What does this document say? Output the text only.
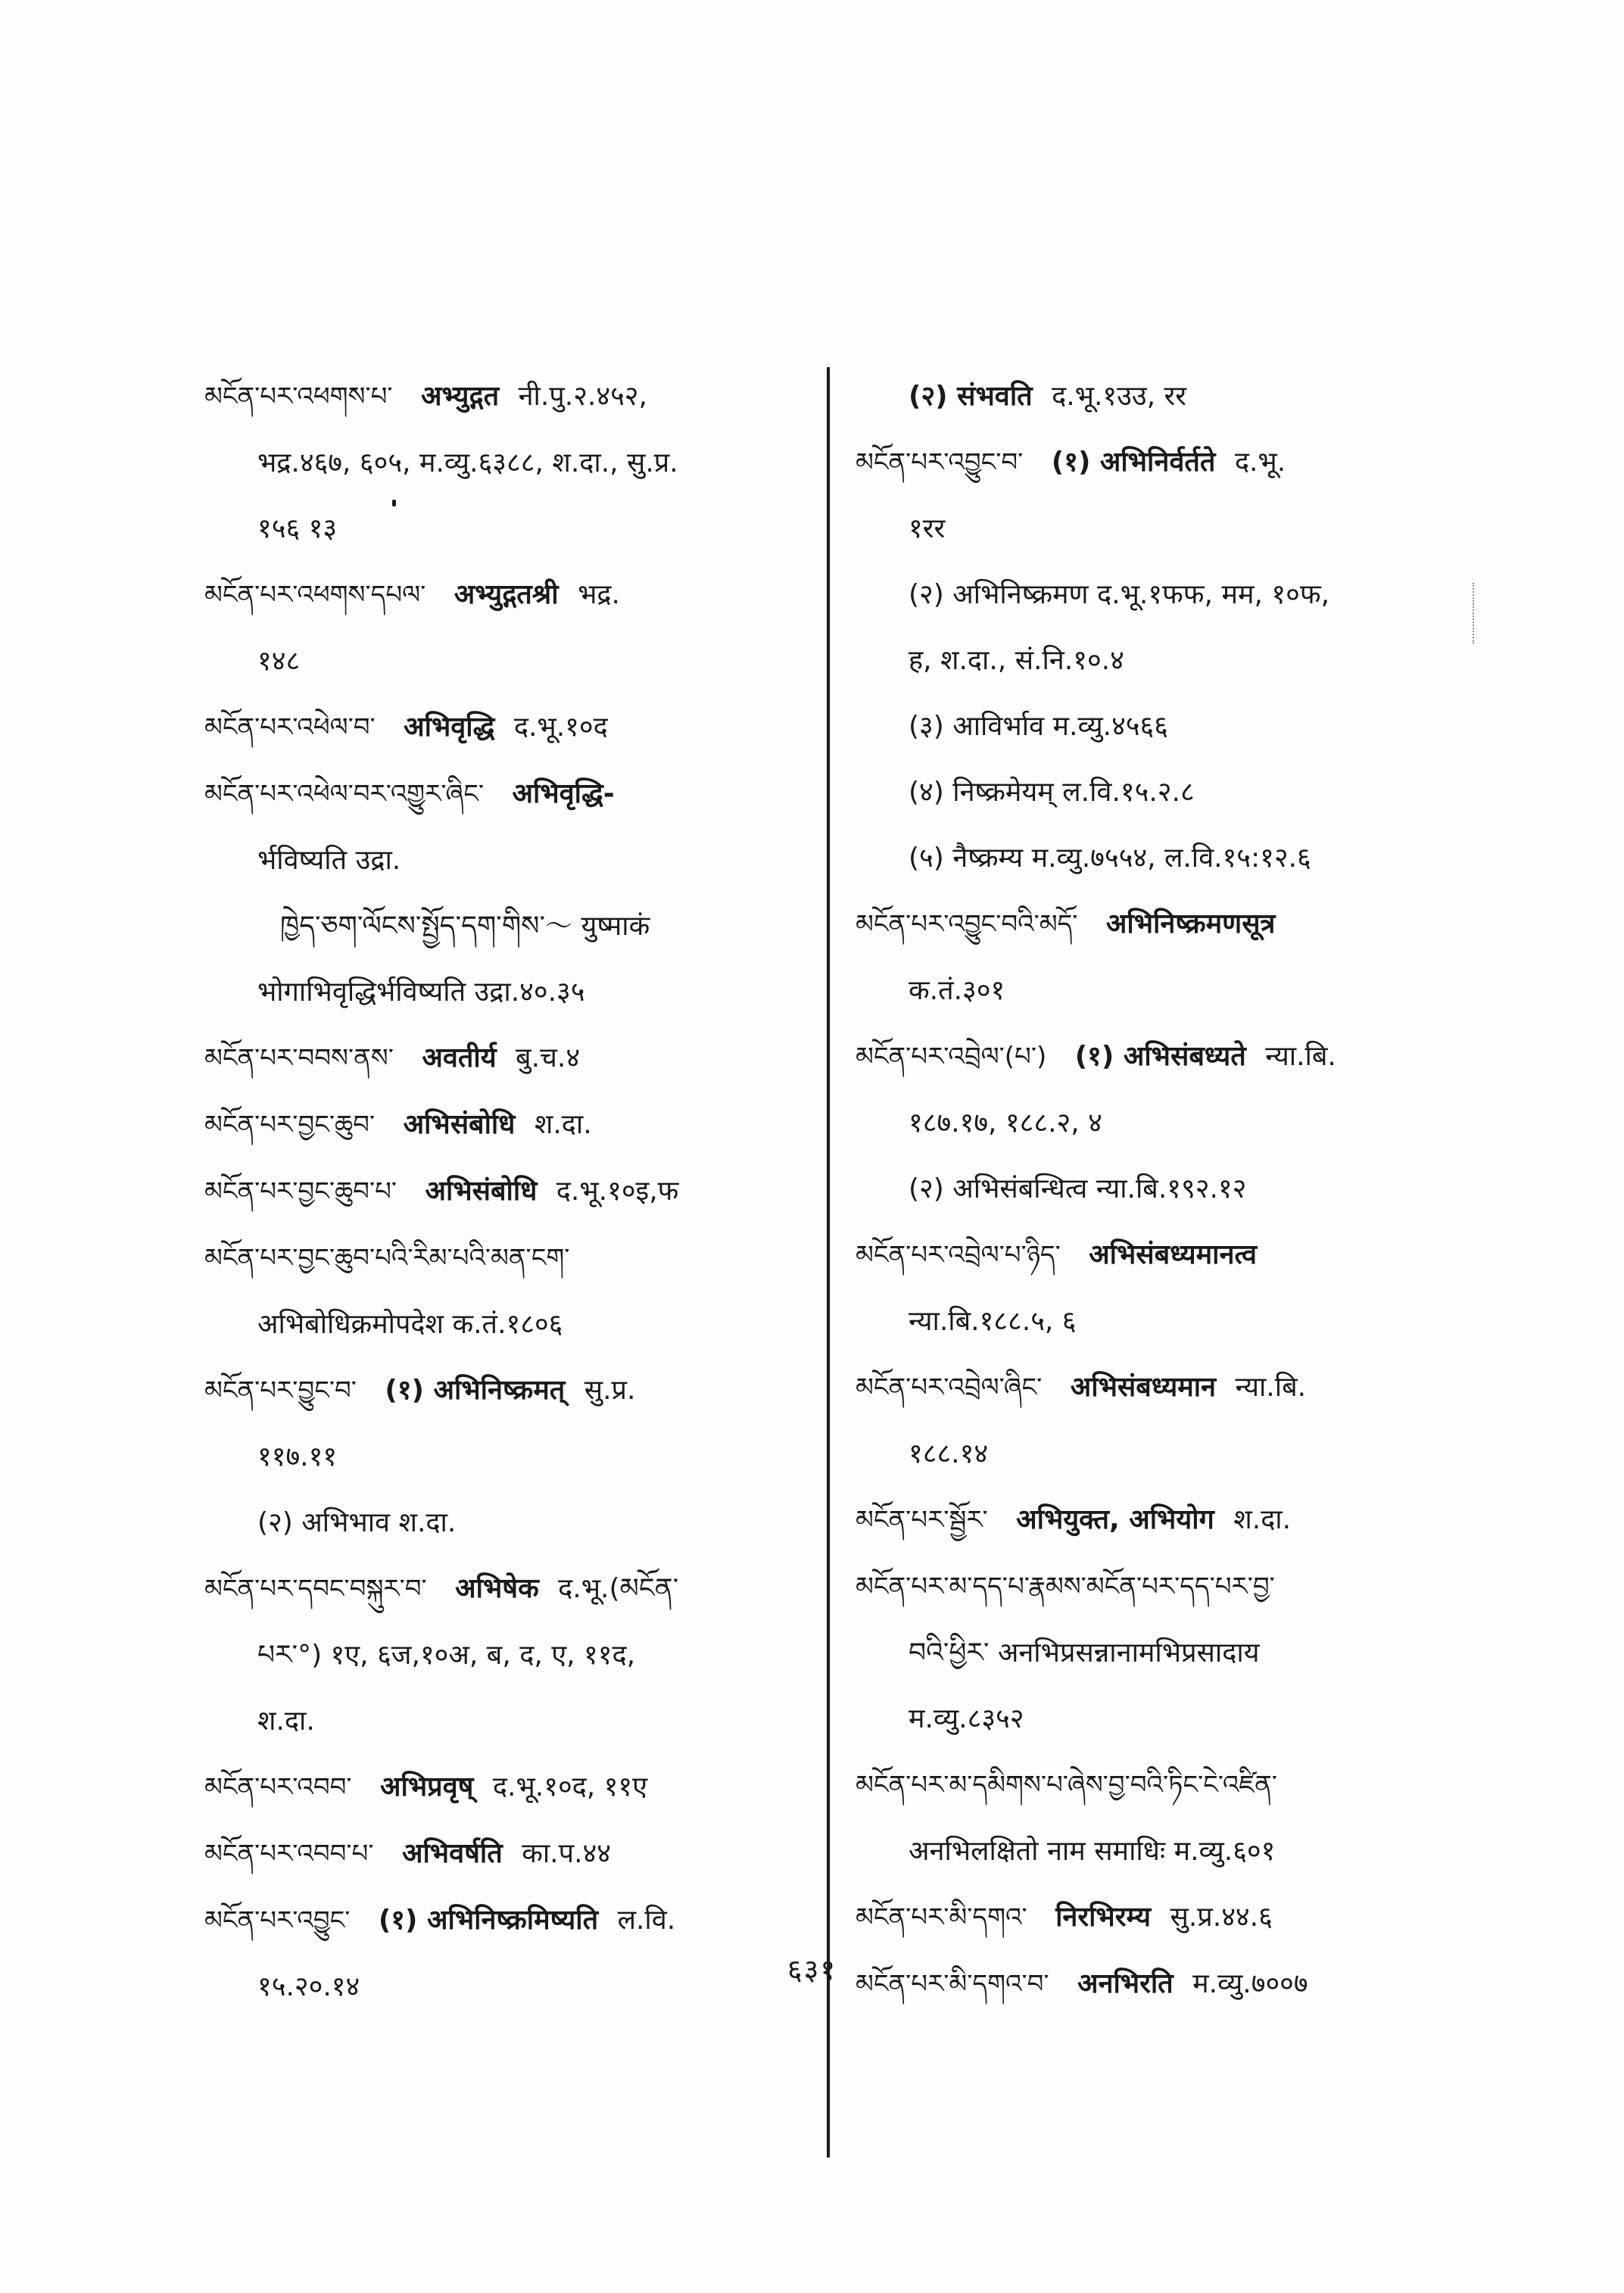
མངོན་པར་འཕགས་པ་ अभ्युद्गत नी.पु.२.४५२,
भद्र.४६७, ६०५, म.व्यु.६३८८, श.दा., सु.प्र.
१५६ १३
མངོན་པར་འཕགས་དཔལ་ अभ्युद्गतश्री भद्र.
१४८
མངོན་པར་འཕེལ་བ་ अभिवृद्धि द.भू.१०द
མངོན་པར་འཕེལ་བར་འགྱུར་ཞིང་ अभिवृद्धि-
र्भविष्यति उद्रा.
ཁྱེད་ཅག་ལོངས་སྤྱོད་དག་གིས་～ युष्माकं
भोगाभिवृद्धिर्भविष्यति उद्रा.४०.३५
མངོན་པར་བབས་ནས་ अवतीर्य बु.च.४
མངོན་པར་བྱང་ཆུབ་ अभिसंबोधि श.दा.
མངོན་པར་བྱང་ཆུབ་པ་ अभिसंबोधि द.भू.१०इ,फ
མངོན་པར་བྱང་ཆུབ་པའི་རིམ་པའི་མན་ངག་
अभिबोधिक्रमोपदेश क.तं.१८०६
མངོན་པར་བྱུང་བ་ (१) अभिनिष्क्रमत् सु.प्र.
११७.११
(२) अभिभाव श.दा.
མངོན་པར་དབང་བསྐུར་བ་ अभिषेक द.भू.(མངོན་
པར་°) १ए, ६ज,१०अ, ब, द, ए, ११द,
श.दा.
མངོན་པར་འབབ་ अभिप्रवृष् द.भू.१०द, ११ए
མངོན་པར་འབབ་པ་ अभिवर्षति का.प.४४
མངོན་པར་འབྱུང་ (१) अभिनिष्क्रमिष्यति ल.वि.
१५.२०.१४
(२) संभवति द.भू.१उउ, रर
མངོན་པར་འབྱུང་བ་ (१) अभिनिर्वर्तते द.भू.
१रर
(२) अभिनिष्क्रमण द.भू.१फफ, मम, १०फ,
ह, श.दा., सं.नि.१०.४
(३) आविर्भाव म.व्यु.४५६६
(४) निष्क्रमेयम् ल.वि.१५.२.८
(५) नैष्क्रम्य म.व्यु.७५५४, ल.वि.१५:१२.६
མངོན་པར་འབྱུང་བའི་མདོ་ अभिनिष्क्रमणसूत्र
क.तं.३०१
མངོན་པར་འབྲེལ་(པ་) (१) अभिसंबध्यते न्या.बि.
१८७.१७, १८८.२, ४
(२) अभिसंबन्धित्व न्या.बि.१९२.१२
མངོན་པར་འབྲེལ་པ་ཉིད་ अभिसंबध्यमानत्व
न्या.बि.१८८.५, ६
མངོན་པར་འབྲེལ་ཞིང་ अभिसंबध्यमान न्या.बि.
१८८.१४
མངོན་པར་སྦྱོར་ अभियुक्त, अभियोग श.दा.
མངོན་པར་མ་དད་པ་རྣམས་མངོན་པར་དད་པར་བྱ་
བའི་ཕྱིར་ अनभिप्रसन्नानामभिप्रसादाय
म.व्यु.८३५२
མངོན་པར་མ་དམིགས་པ་ཞེས་བྱ་བའི་ཏིང་ངེ་འཛིན་
अनभिलक्षितो नाम समाधिः म.व्यु.६०१
མངོན་པར་མི་དགའ་ निरभिरम्य सु.प्र.४४.६
མངོན་པར་མི་དགའ་བ་ अनभिरति म.व्यु.७००७
६३१
